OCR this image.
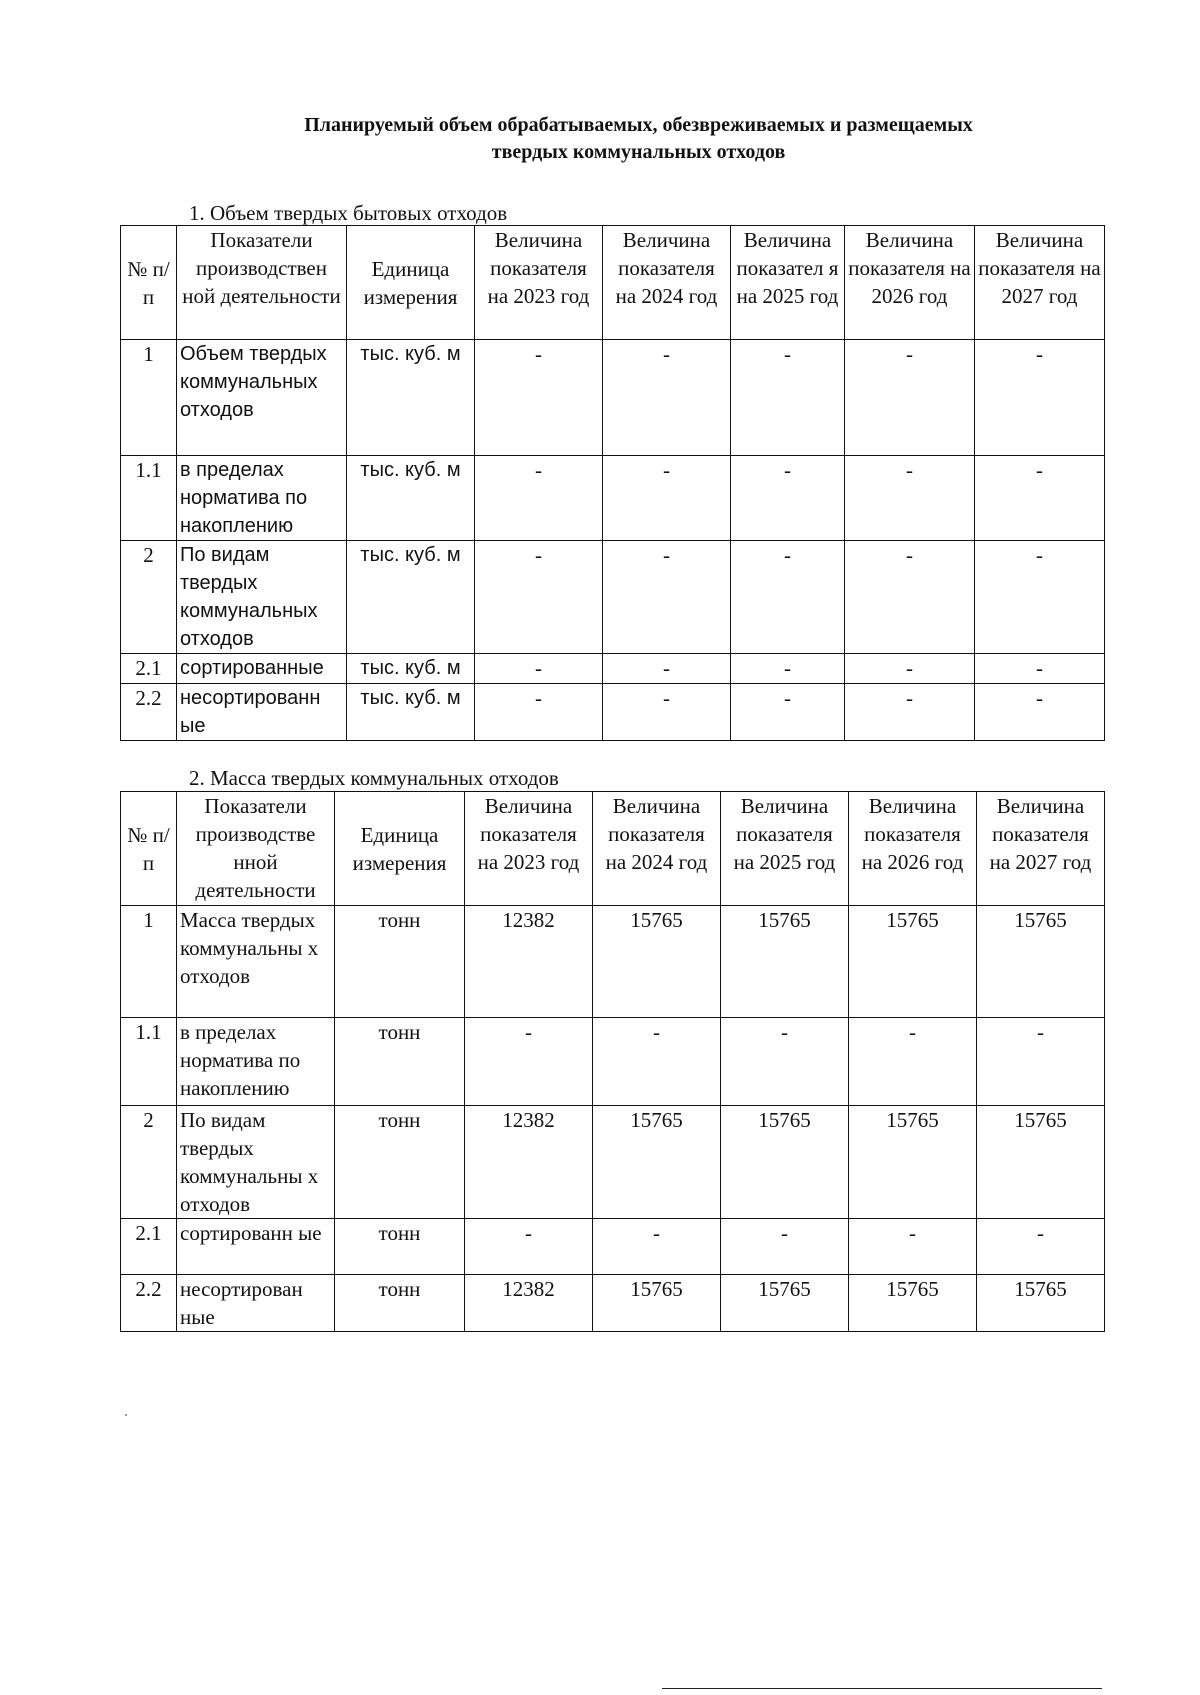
Планируемый объем обрабатываемых, обезвреживаемых и размещаемых
твердых коммунальных отходов
1. Объем твердых бытовых отходов
№ п/п	Показатели производствен ной деятельности	Единица измерения	Величина показателя на 2023 год	Величина показателя на 2024 год	Величина показател я на 2025 год	Величина показателя на 2026 год	Величина показателя на 2027 год
1	Объем твердых коммунальных отходов	тыс. куб. м	-	-	-	-	-
1.1	в пределах норматива по накоплению	тыс. куб. м	-	-	-	-	-
2	По видам твердых коммунальных отходов	тыс. куб. м	-	-	-	-	-
2.1	сортированные	тыс. куб. м	-	-	-	-	-
2.2	несортированн ые	тыс. куб. м	-	-	-	-	-
2. Масса твердых коммунальных отходов
№ п/п	Показатели производстве нной деятельности	Единица измерения	Величина показателя на 2023 год	Величина показателя на 2024 год	Величина показателя на 2025 год	Величина показателя на 2026 год	Величина показателя на 2027 год
1	Масса твердых коммунальны х отходов	тонн	12382	15765	15765	15765	15765
1.1	в пределах норматива по накоплению	тонн	-	-	-	-	-
2	По видам твердых коммунальны х отходов	тонн	12382	15765	15765	15765	15765
2.1	сортированн ые	тонн	-	-	-	-	-
2.2	несортирован ные	тонн	12382	15765	15765	15765	15765
